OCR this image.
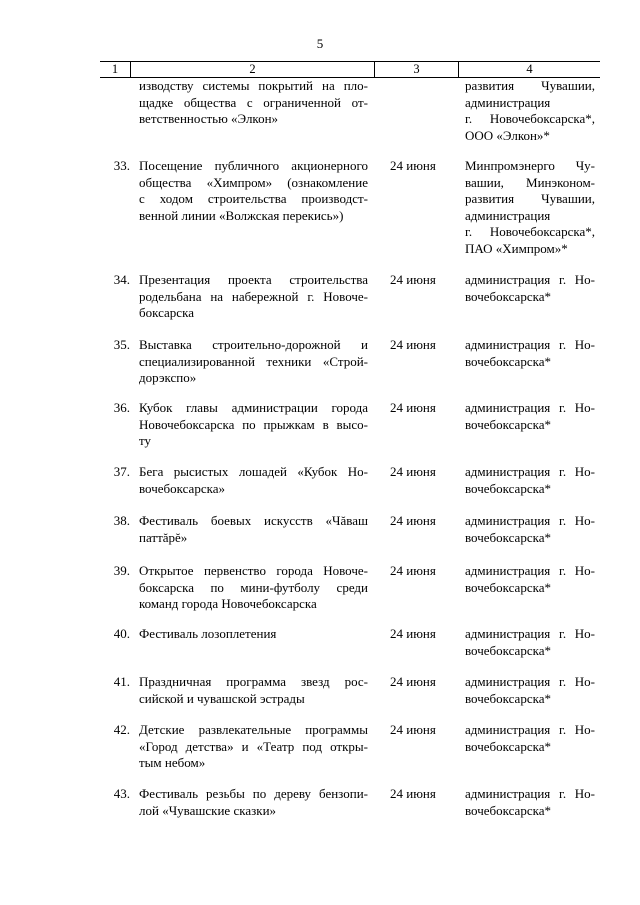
5
1	2	3	4
изводству системы покрытий на пло-
щадке общества с ограниченной от-
ветственностью «Элкон»
развития Чувашии,
администрация
г. Новочебоксарска*,
ООО «Элкон»*
33. Посещение публичного акционерного
общества «Химпром» (ознакомление
с ходом строительства производст-
венной линии «Волжская перекись»)
24 июня	Минпромэнерго Чу-
вашии, Минэконом-
развития Чувашии,
администрация
г. Новочебоксарска*,
ПАО «Химпром»*
34. Презентация проекта строительства
родельбана на набережной г. Новоче-
боксарска
24 июня	администрация г. Но-
вочебоксарска*
35. Выставка строительно-дорожной и
специализированной техники «Строй-
дорэкспо»
24 июня	администрация г. Но-
вочебоксарска*
36. Кубок главы администрации города
Новочебоксарска по прыжкам в высо-
ту
24 июня	администрация г. Но-
вочебоксарска*
37. Бега рысистых лошадей «Кубок Но-
вочебоксарска»
24 июня	администрация г. Но-
вочебоксарска*
38. Фестиваль боевых искусств «Чăваш
паттăрĕ»
24 июня	администрация г. Но-
вочебоксарска*
39. Открытое первенство города Новоче-
боксарска по мини-футболу среди
команд города Новочебоксарска
24 июня	администрация г. Но-
вочебоксарска*
40. Фестиваль лозоплетения	24 июня	администрация г. Но-
вочебоксарска*
41. Праздничная программа звезд рос-
сийской и чувашской эстрады
24 июня	администрация г. Но-
вочебоксарска*
42. Детские развлекательные программы
«Город детства» и «Театр под откры-
тым небом»
24 июня	администрация г. Но-
вочебоксарска*
43. Фестиваль резьбы по дереву бензопи-
лой «Чувашские сказки»
24 июня	администрация г. Но-
вочебоксарска*
